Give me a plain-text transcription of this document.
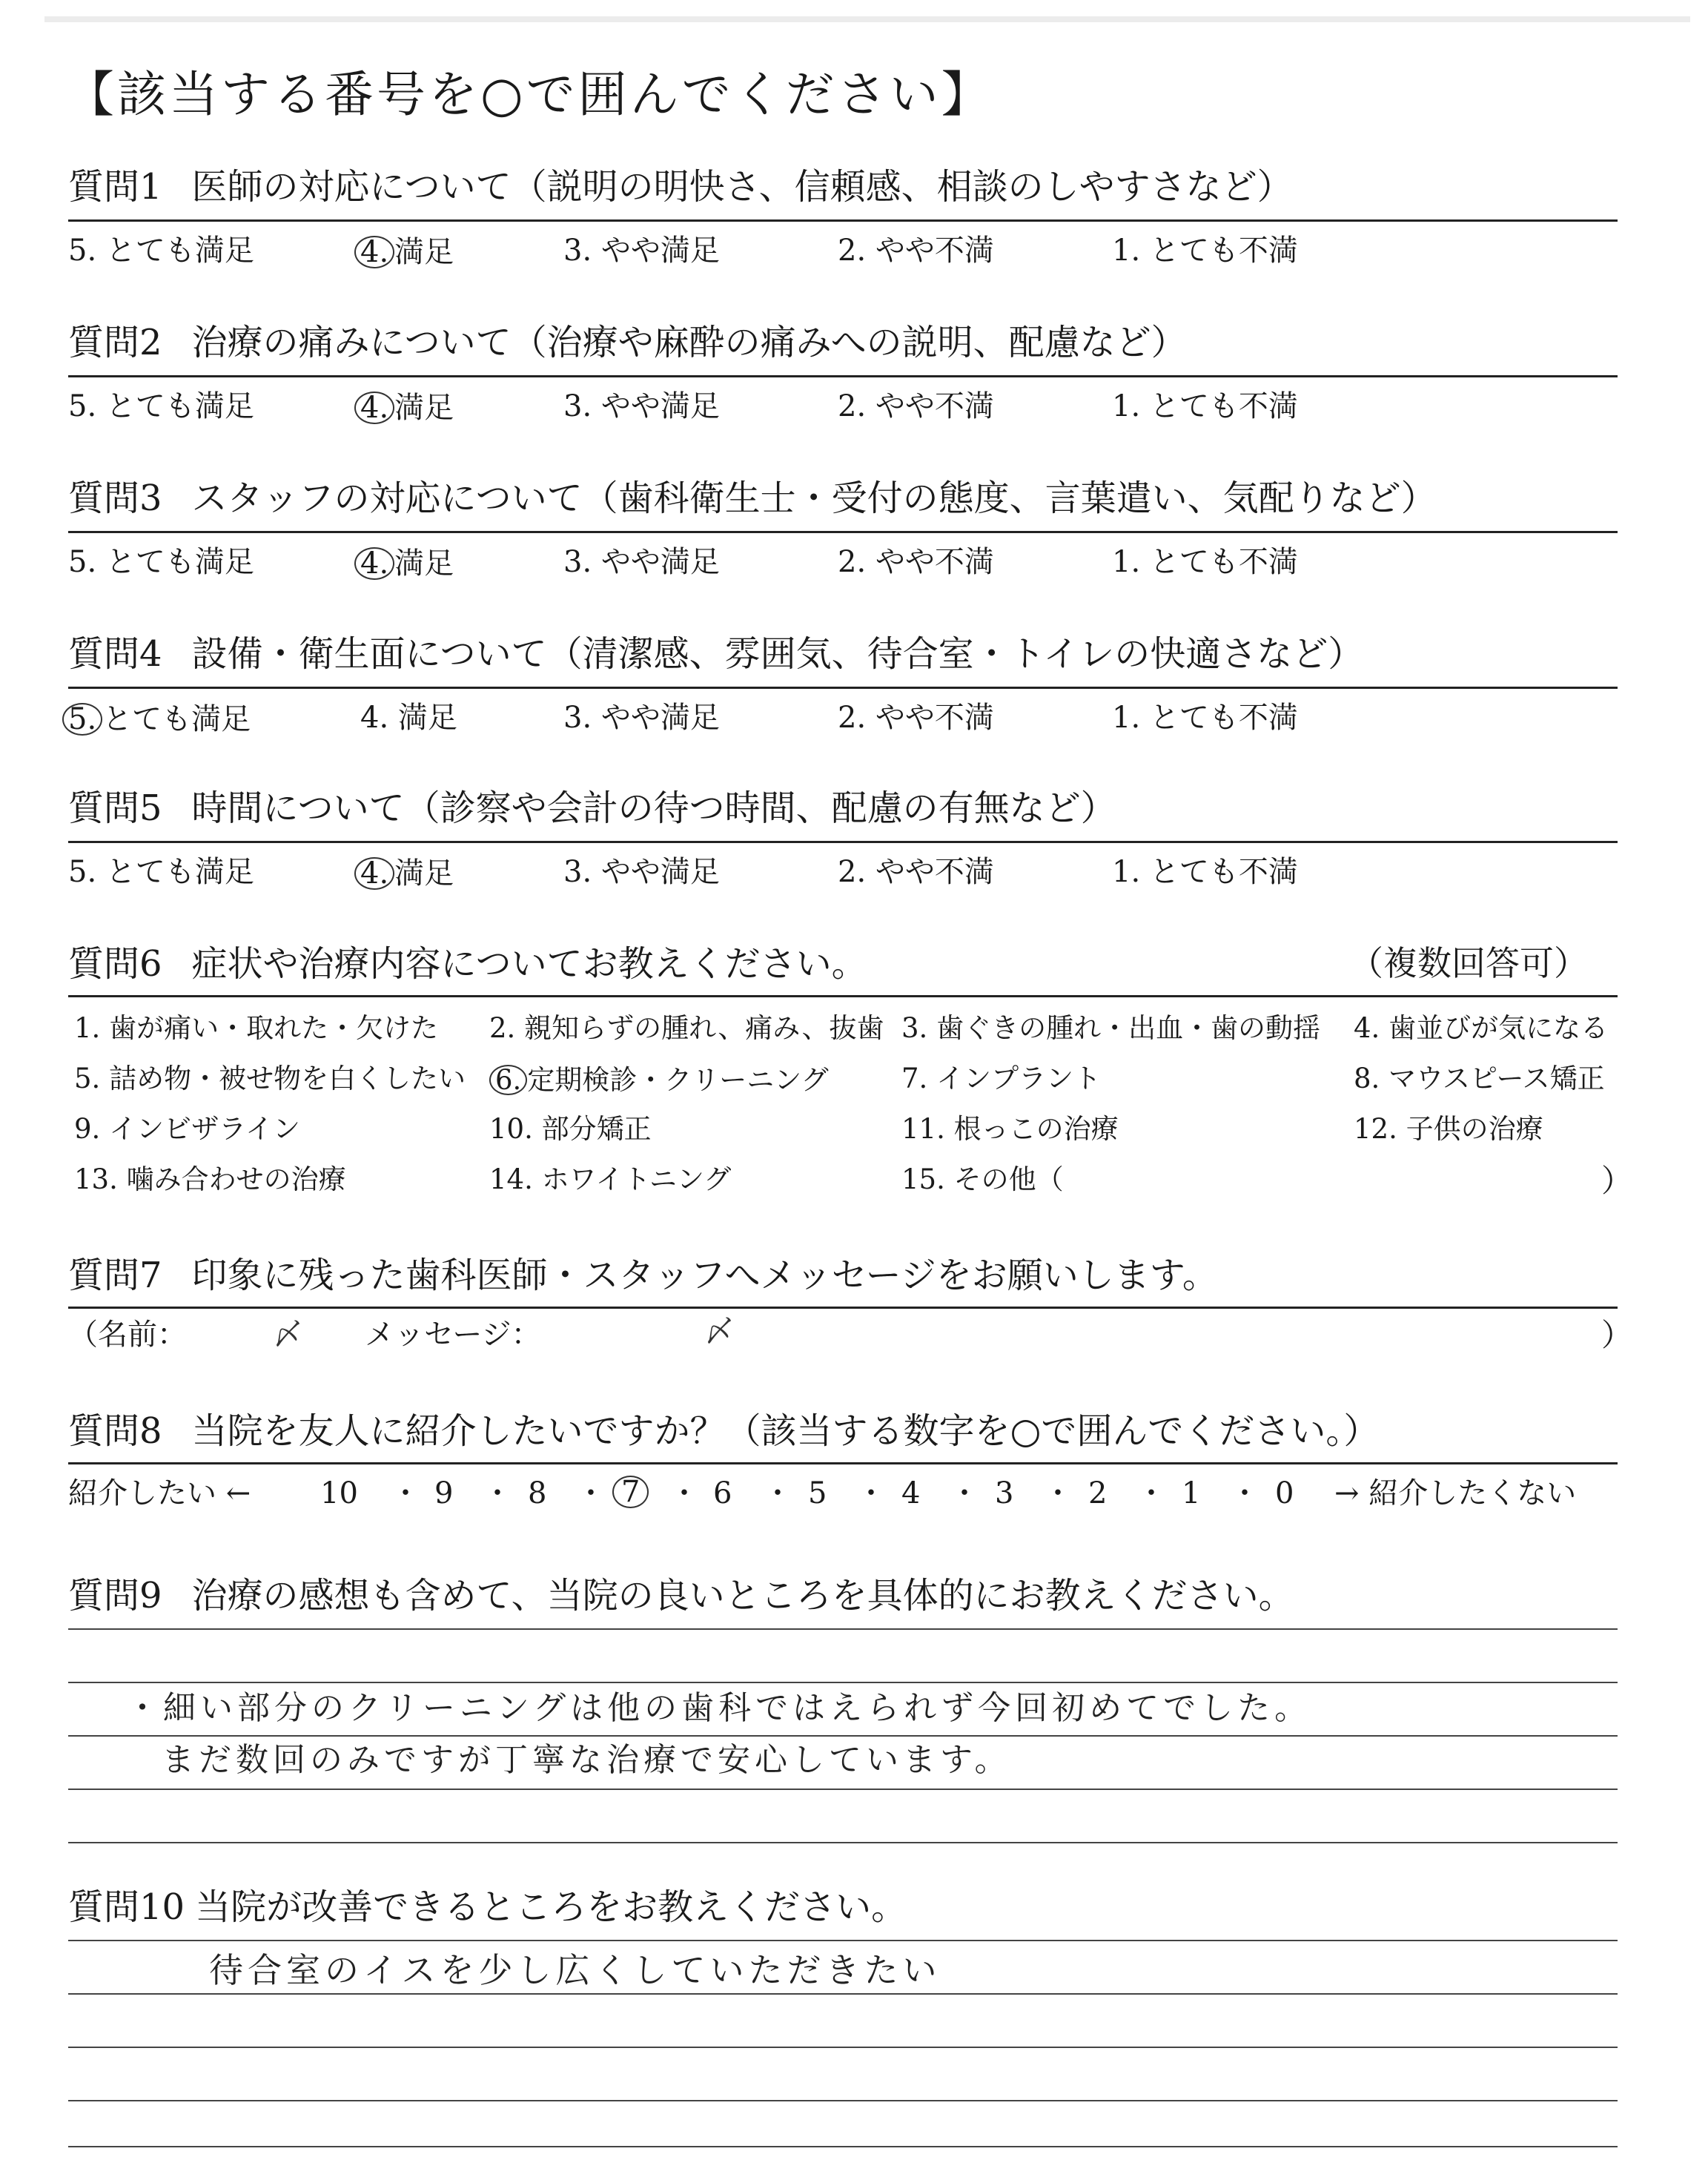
【該当する番号を○で囲んでください】
質問1 医師の対応について（説明の明快さ、信頼感、相談のしやすさなど）
5. とても満足	4. 満足	3. やや満足	2. やや不満	1. とても不満
質問2 治療の痛みについて（治療や麻酔の痛みへの説明、配慮など）
5. とても満足	4. 満足	3. やや満足	2. やや不満	1. とても不満
質問3 スタッフの対応について（歯科衛生士・受付の態度、言葉遣い、気配りなど）
5. とても満足	4. 満足	3. やや満足	2. やや不満	1. とても不満
質問4 設備・衛生面について（清潔感、雰囲気、待合室・トイレの快適さなど）
5. とても満足	4. 満足	3. やや満足	2. やや不満	1. とても不満
質問5 時間について（診察や会計の待つ時間、配慮の有無など）
5. とても満足	4. 満足	3. やや満足	2. やや不満	1. とても不満
質問6 症状や治療内容についてお教えください。	（複数回答可）
1. 歯が痛い・取れた・欠けた 2. 親知らずの腫れ、痛み、抜歯 3. 歯ぐきの腫れ・出血・歯の動揺 4. 歯並びが気になる
5. 詰め物・被せ物を白くしたい 6. 定期検診・クリーニング	7. インプラント	8. マウスピース矯正
9. インビザライン	10. 部分矯正	11. 根っこの治療	12. 子供の治療
13. 噛み合わせの治療	14. ホワイトニング	15. その他（	）
質問7 印象に残った歯科医師・スタッフへメッセージをお願いします。
（名前：	〆 メッセージ：	〆	）
質問8 当院を友人に紹介したいですか？（該当する数字を○で囲んでください。）
紹介したい ← 10 ・ 9 ・ 8 ・ 7 ・ 6 ・ 5 ・ 4 ・ 3 ・ 2 ・ 1 ・ 0 → 紹介したくない
質問9 治療の感想も含めて、当院の良いところを具体的にお教えください。
・細い部分のクリーニングは他の歯科ではえられず今回初めてでした。
まだ数回のみですが丁寧な治療で安心しています。
質問10 当院が改善できるところをお教えください。
待合室のイスを少し広くしていただきたい
